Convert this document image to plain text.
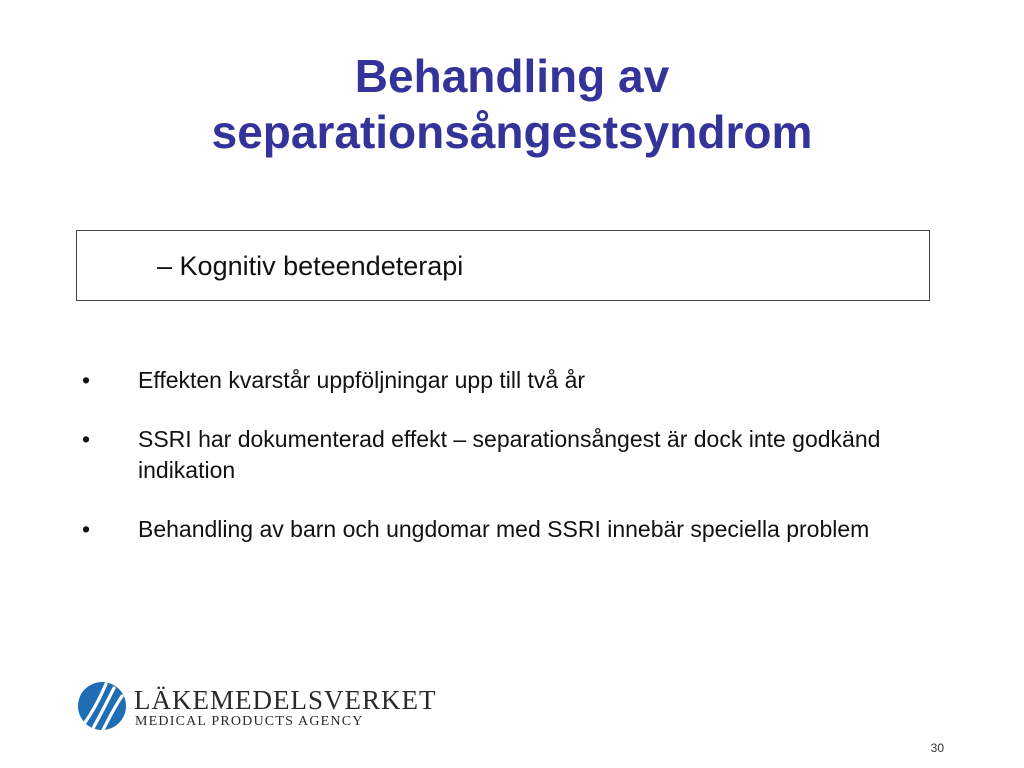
Behandling av
separationsångestsyndrom
– Kognitiv beteendeterapi
• Effekten kvarstår uppföljningar upp till två år
• SSRI har dokumenterad effekt – separationsångest är dock inte godkänd indikation
• Behandling av barn och ungdomar med SSRI innebär speciella problem
LÄKEMEDELSVERKET
MEDICAL PRODUCTS AGENCY
30
